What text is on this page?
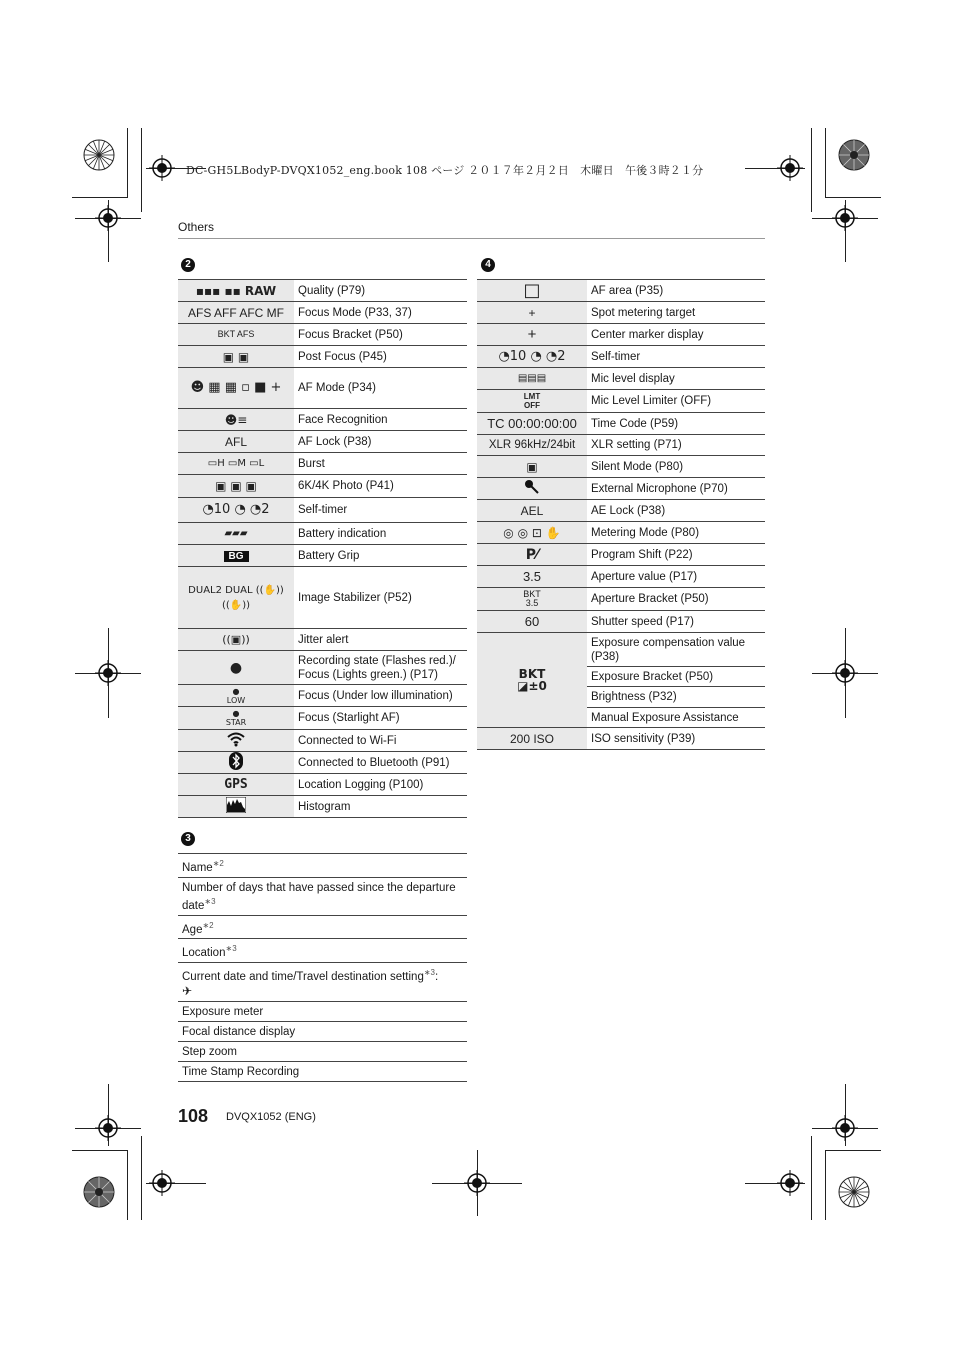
DC-GH5LBodyP-DVQX1052_eng.book 108 ページ ２０１７年２月２日　木曜日　午後３時２１分
Others
2
▪▪▪ ▪▪ RAW	Quality (P79)
AFS AFF AFC MF	Focus Mode (P33, 37)
BKT AFS	Focus Bracket (P50)
▣ ▣	Post Focus (P45)
☻ ▦ ▦ ▫ ■ +	AF Mode (P34)
☻≡	Face Recognition
AFL	AF Lock (P38)
▭H ▭M ▭L	Burst
▣ ▣ ▣	6K/4K Photo (P41)
◔10 ◔ ◔2	Self-timer
▰▰▰	Battery indication
BG	Battery Grip
DUAL2 DUAL ((✋)) ((✋))	Image Stabilizer (P52)
((▣))	Jitter alert
●	Recording state (Flashes red.)/ Focus (Lights green.) (P17)
● LOW	Focus (Under low illumination)
● STAR	Focus (Starlight AF)
	Connected to Wi-Fi
	Connected to Bluetooth (P91)
GPS	Location Logging (P100)
	Histogram
3
Name$^{∗2}$
Number of days that have passed since the departure date$^{∗3}$
Age$^{∗2}$
Location$^{∗3}$
Current date and time/Travel destination setting$^{∗3}$:
✈
Exposure meter
Focal distance display
Step zoom
Time Stamp Recording
4
□	AF area (P35)
+	Spot metering target
+	Center marker display
◔10 ◔ ◔2	Self-timer
▤▤▤	Mic level display
LMT OFF	Mic Level Limiter (OFF)
TC 00:00:00:00	Time Code (P59)
XLR 96kHz/24bit	XLR setting (P71)
▣	Silent Mode (P80)
	External Microphone (P70)
AEL	AE Lock (P38)
◎ ◎ ⊡ ✋	Metering Mode (P80)
P⁄	Program Shift (P22)
3.5	Aperture value (P17)
BKT 3.5	Aperture Bracket (P50)
60	Shutter speed (P17)
BKT ◪±0	Exposure compensation value (P38)
	Exposure Bracket (P50)
	Brightness (P32)
	Manual Exposure Assistance
200 ISO	ISO sensitivity (P39)
108 DVQX1052 (ENG)
